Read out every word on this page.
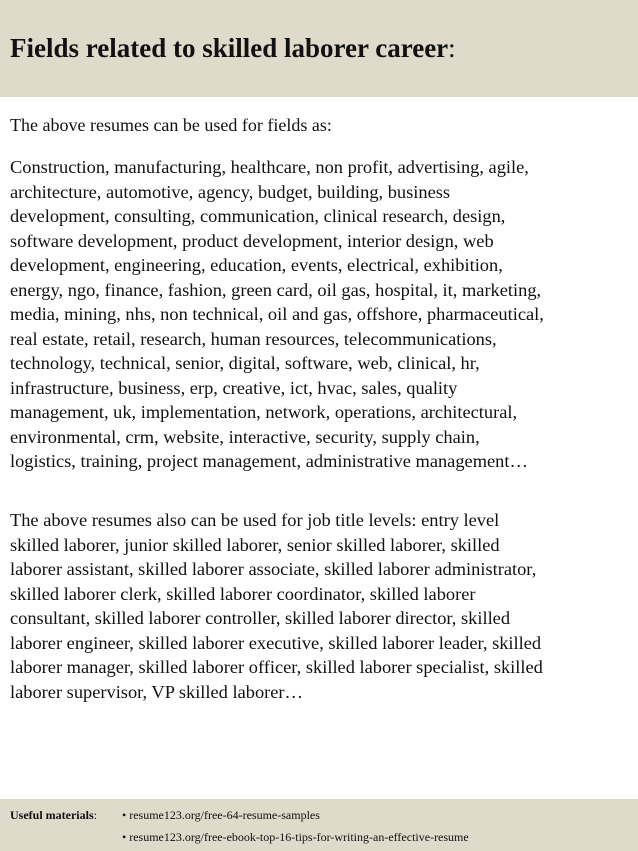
Fields related to skilled laborer career:
The above resumes can be used for fields as:
Construction, manufacturing, healthcare, non profit, advertising, agile,
architecture, automotive, agency, budget, building, business
development, consulting, communication, clinical research, design,
software development, product development, interior design, web
development, engineering, education, events, electrical, exhibition,
energy, ngo, finance, fashion, green card, oil gas, hospital, it, marketing,
media, mining, nhs, non technical, oil and gas, offshore, pharmaceutical,
real estate, retail, research, human resources, telecommunications,
technology, technical, senior, digital, software, web, clinical, hr,
infrastructure, business, erp, creative, ict, hvac, sales, quality
management, uk, implementation, network, operations, architectural,
environmental, crm, website, interactive, security, supply chain,
logistics, training, project management, administrative management…
The above resumes also can be used for job title levels: entry level
skilled laborer, junior skilled laborer, senior skilled laborer, skilled
laborer assistant, skilled laborer associate, skilled laborer administrator,
skilled laborer clerk, skilled laborer coordinator, skilled laborer
consultant, skilled laborer controller, skilled laborer director, skilled
laborer engineer, skilled laborer executive, skilled laborer leader, skilled
laborer manager, skilled laborer officer, skilled laborer specialist, skilled
laborer supervisor, VP skilled laborer…
Useful materials: • resume123.org/free-64-resume-samples
• resume123.org/free-ebook-top-16-tips-for-writing-an-effective-resume
